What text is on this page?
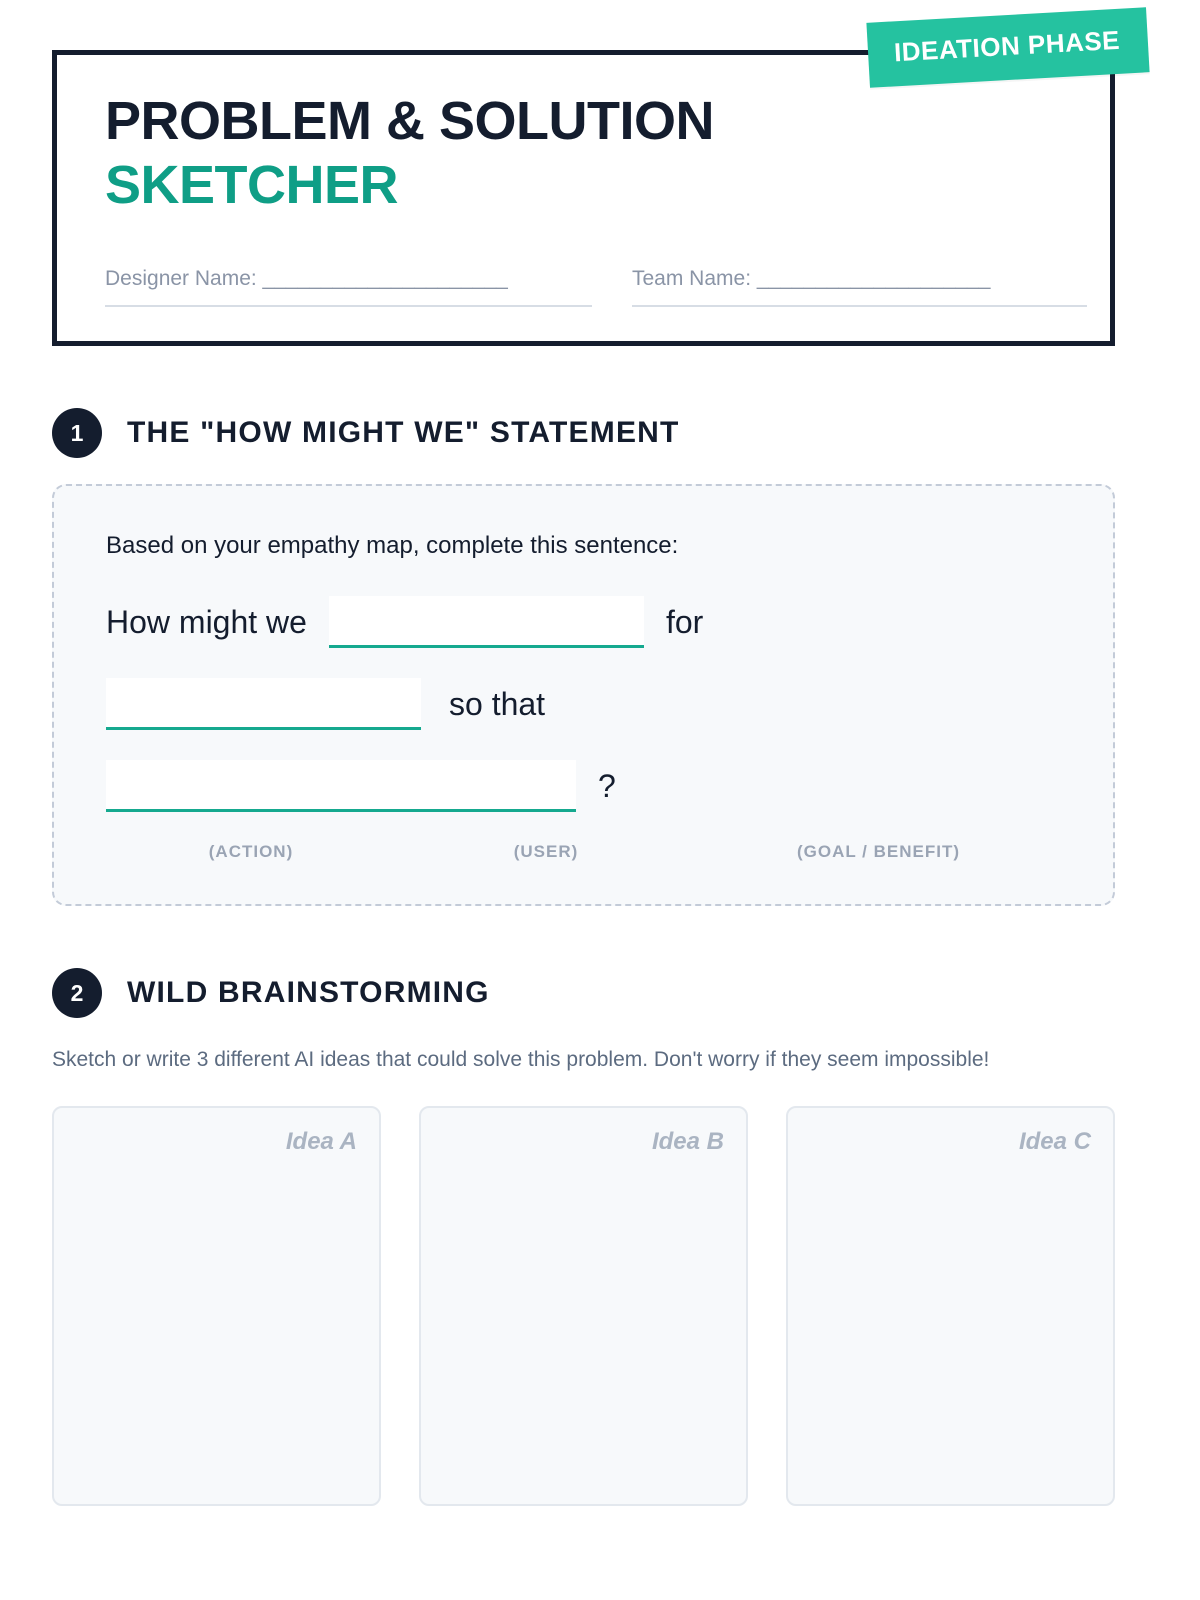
PROBLEM & SOLUTION
SKETCHER
Designer Name: _____________________	Team Name: ____________________
IDEATION PHASE
1	THE "HOW MIGHT WE" STATEMENT
Based on your empathy map, complete this sentence:
How might we	for
so that
?
(ACTION)	(USER)	(GOAL / BENEFIT)
2	WILD BRAINSTORMING
Sketch or write 3 different AI ideas that could solve this problem. Don't worry if they seem impossible!
Idea A	Idea B	Idea C
